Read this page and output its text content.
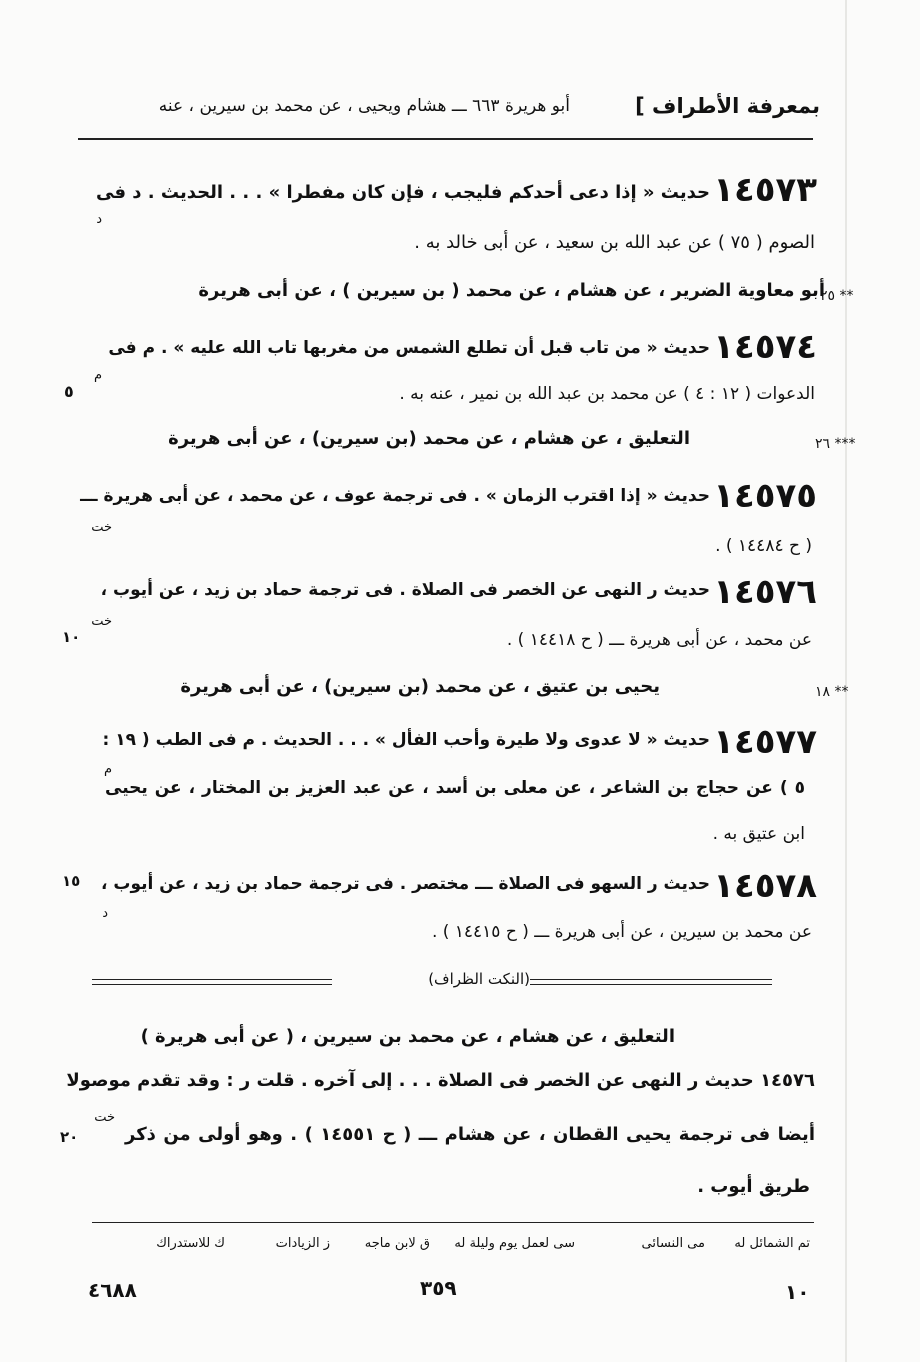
بمعرفة الأطراف ]
أبو هريرة ٦٦٣ ـــ هشام ويحيى ، عن محمد بن سيرين ، عنه
١٤٥٧٣
حديث « إذا دعى أحدكم فليجب ، فإن كان مفطرا » . . . الحديث . د فى
الصوم ( ٧٥ ) عن عبد الله بن سعيد ، عن أبى خالد به .
د
أبو معاوية الضرير ، عن هشام ، عن محمد ( بن سيرين ) ، عن أبى هريرة
٢٥ **
١٤٥٧٤
حديث « من تاب قبل أن تطلع الشمس من مغربها تاب الله عليه » . م فى
الدعوات ( ١٢ : ٤ ) عن محمد بن عبد الله بن نمير ، عنه به .
م
٥
التعليق ، عن هشام ، عن محمد (بن سيرين) ، عن أبى هريرة	٢٦ ***
١٤٥٧٥
حديث « إذا اقترب الزمان » . فى ترجمة عوف ، عن محمد ، عن أبى هريرة ـــ
( ح ١٤٤٨٤ ) .
خت
١٤٥٧٦
حديث ﺭ النهى عن الخصر فى الصلاة . فى ترجمة حماد بن زيد ، عن أيوب ،
عن محمد ، عن أبى هريرة ـــ ( ح ١٤٤١٨ ) .
خت
١٠
يحيى بن عتيق ، عن محمد (بن سيرين) ، عن أبى هريرة	١٨ **
١٤٥٧٧
حديث « لا عدوى ولا طيرة وأحب الفأل » . . . الحديث . م فى الطب ( ١٩ :
٥ ) عن حجاج بن الشاعر ، عن معلى بن أسد ، عن عبد العزيز بن المختار ، عن يحيى
ابن عتيق به .
م
١٤٥٧٨
حديث ﺭ السهو فى الصلاة ـــ مختصر . فى ترجمة حماد بن زيد ، عن أيوب ،
عن محمد بن سيرين ، عن أبى هريرة ـــ ( ح ١٤٤١٥ ) .
د
١٥
(النكت الظراف)
التعليق ، عن هشام ، عن محمد بن سيرين ، ( عن أبى هريرة )
١٤٥٧٦ حديث ﺭ النهى عن الخصر فى الصلاة . . . إلى آخره . قلت ﺭ : وقد تقدم موصولا
أيضا فى ترجمة يحيى القطان ، عن هشام ـــ ( ح ١٤٥٥١ ) . وهو أولى من ذكر
طريق أيوب .
خت
٢٠
تم الشمائل له
مى النسائى
سى لعمل يوم وليلة له
ق لابن ماجه
ز الزيادات
ك للاستدراك
١٠
٣٥٩
٤٦٨٨
